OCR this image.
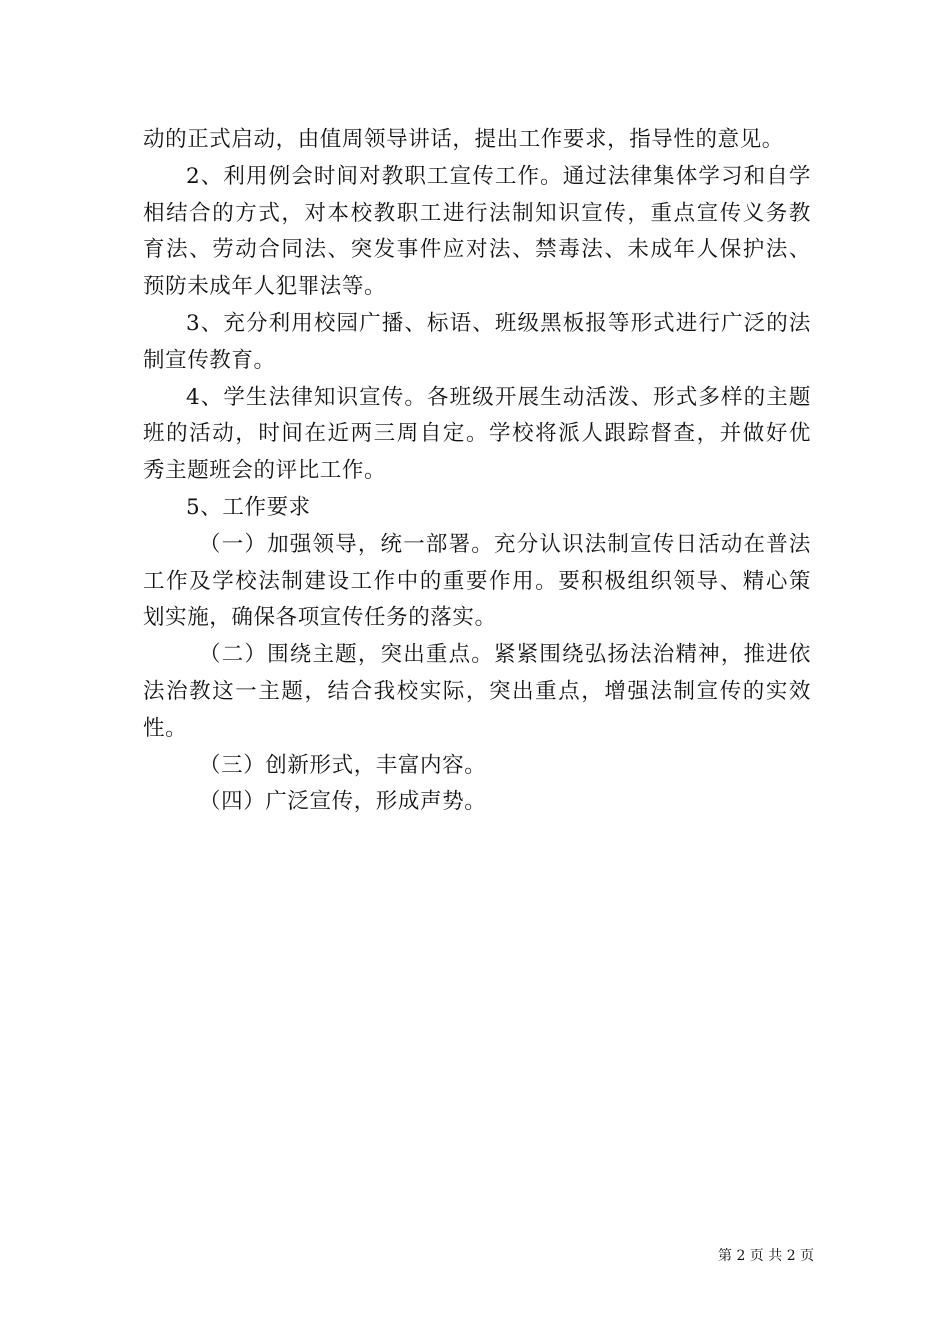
动的正式启动，由值周领导讲话，提出工作要求，指导性的意见。
2、利用例会时间对教职工宣传工作。通过法律集体学习和自学
相结合的方式，对本校教职工进行法制知识宣传，重点宣传义务教
育法、劳动合同法、突发事件应对法、禁毒法、未成年人保护法、
预防未成年人犯罪法等。
3、充分利用校园广播、标语、班级黑板报等形式进行广泛的法
制宣传教育。
4、学生法律知识宣传。各班级开展生动活泼、形式多样的主题
班的活动，时间在近两三周自定。学校将派人跟踪督查，并做好优
秀主题班会的评比工作。
5、工作要求
（一）加强领导，统一部署。充分认识法制宣传日活动在普法
工作及学校法制建设工作中的重要作用。要积极组织领导、精心策
划实施，确保各项宣传任务的落实。
（二）围绕主题，突出重点。紧紧围绕弘扬法治精神，推进依
法治教这一主题，结合我校实际，突出重点，增强法制宣传的实效
性。
（三）创新形式，丰富内容。
（四）广泛宣传，形成声势。
第 2 页 共 2 页
